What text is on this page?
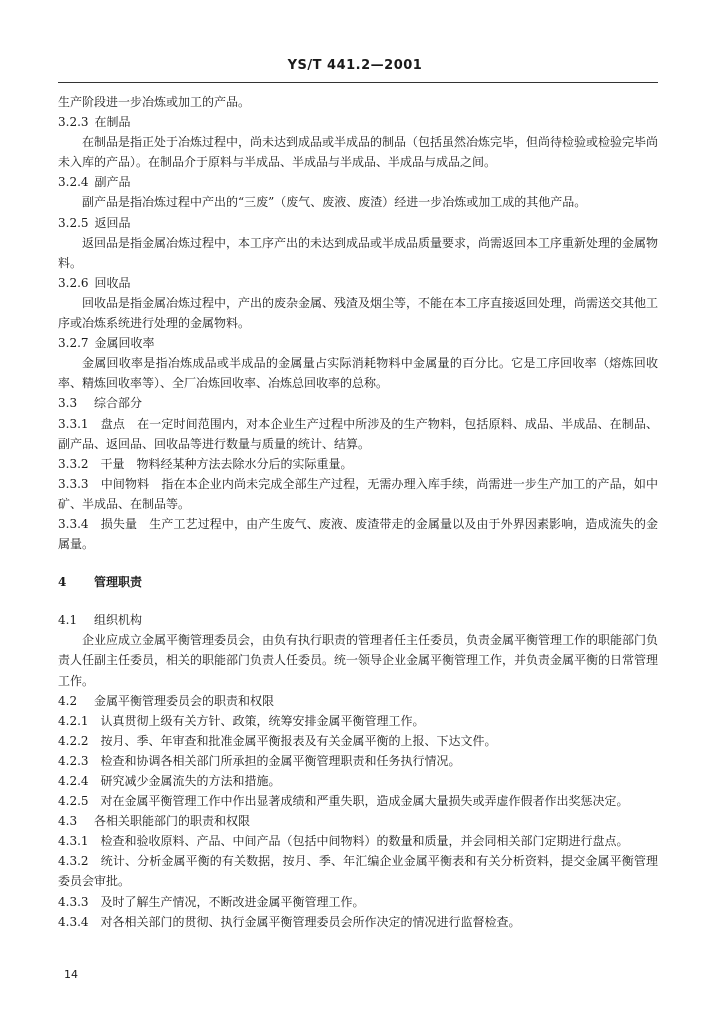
YS/T 441.2—2001
生产阶段进一步冶炼或加工的产品。
3.2.3 在制品
在制品是指正处于冶炼过程中，尚未达到成品或半成品的制品（包括虽然冶炼完毕，但尚待检验或检验完毕尚未入库的产品）。在制品介于原料与半成品、半成品与半成品、半成品与成品之间。
3.2.4 副产品
副产品是指冶炼过程中产出的“三废”（废气、废液、废渣）经进一步冶炼或加工成的其他产品。
3.2.5 返回品
返回品是指金属冶炼过程中，本工序产出的未达到成品或半成品质量要求，尚需返回本工序重新处理的金属物料。
3.2.6 回收品
回收品是指金属冶炼过程中，产出的废杂金属、残渣及烟尘等，不能在本工序直接返回处理，尚需送交其他工序或冶炼系统进行处理的金属物料。
3.2.7 金属回收率
金属回收率是指冶炼成品或半成品的金属量占实际消耗物料中金属量的百分比。它是工序回收率（熔炼回收率、精炼回收率等）、全厂冶炼回收率、冶炼总回收率的总称。
3.3 综合部分
3.3.1　盘点　在一定时间范围内，对本企业生产过程中所涉及的生产物料，包括原料、成品、半成品、在制品、副产品、返回品、回收品等进行数量与质量的统计、结算。
3.3.2　干量　物料经某种方法去除水分后的实际重量。
3.3.3　中间物料　指在本企业内尚未完成全部生产过程，无需办理入库手续，尚需进一步生产加工的产品，如中矿、半成品、在制品等。
3.3.4　损失量　生产工艺过程中，由产生废气、废液、废渣带走的金属量以及由于外界因素影响，造成流失的金属量。
4 管理职责
4.1 组织机构
企业应成立金属平衡管理委员会，由负有执行职责的管理者任主任委员，负责金属平衡管理工作的职能部门负责人任副主任委员，相关的职能部门负责人任委员。统一领导企业金属平衡管理工作，并负责金属平衡的日常管理工作。
4.2 金属平衡管理委员会的职责和权限
4.2.1　认真贯彻上级有关方针、政策，统筹安排金属平衡管理工作。
4.2.2　按月、季、年审查和批准金属平衡报表及有关金属平衡的上报、下达文件。
4.2.3　检查和协调各相关部门所承担的金属平衡管理职责和任务执行情况。
4.2.4　研究减少金属流失的方法和措施。
4.2.5　对在金属平衡管理工作中作出显著成绩和严重失职，造成金属大量损失或弄虚作假者作出奖惩决定。
4.3 各相关职能部门的职责和权限
4.3.1　检查和验收原料、产品、中间产品（包括中间物料）的数量和质量，并会同相关部门定期进行盘点。
4.3.2　统计、分析金属平衡的有关数据，按月、季、年汇编企业金属平衡表和有关分析资料，提交金属平衡管理委员会审批。
4.3.3　及时了解生产情况，不断改进金属平衡管理工作。
4.3.4　对各相关部门的贯彻、执行金属平衡管理委员会所作决定的情况进行监督检查。
14
